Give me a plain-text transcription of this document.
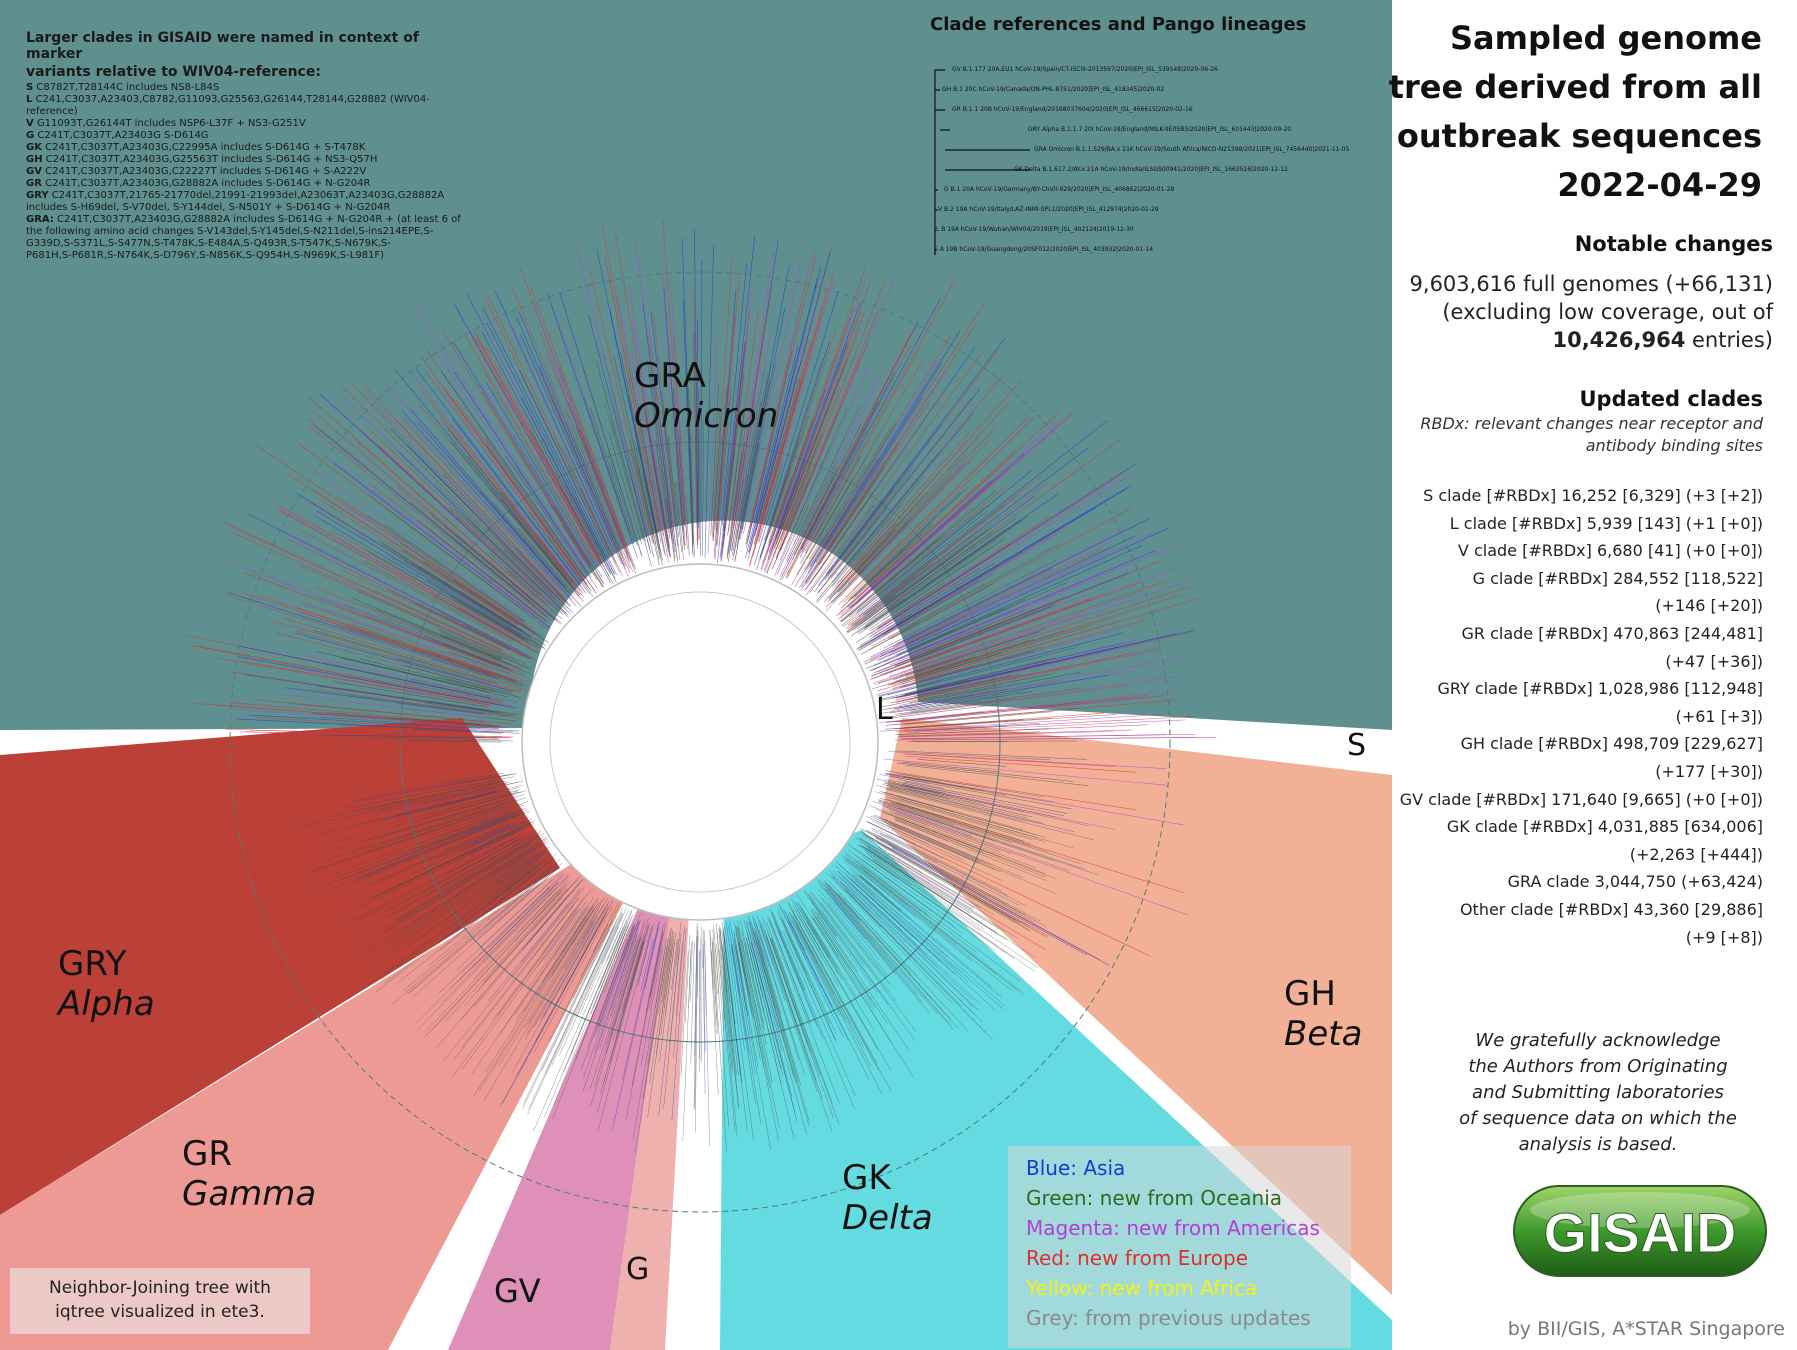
GRA
Omicron
GRY
Alpha
GR
Gamma
GV
G
GK
Delta
GH
Beta
L
S
Larger clades in GISAID were named in context of marker
variants relative to WIV04-reference:
S C8782T,T28144C includes NS8-L84S
L C241,C3037,A23403,C8782,G11093,G25563,G26144,T28144,G28882 (WIV04-
reference)
V G11093T,G26144T includes NSP6-L37F + NS3-G251V
G C241T,C3037T,A23403G S-D614G
GK C241T,C3037T,A23403G,C22995A includes S-D614G + S-T478K
GH C241T,C3037T,A23403G,G25563T includes S-D614G + NS3-Q57H
GV C241T,C3037T,A23403G,C22227T includes S-D614G + S-A222V
GR C241T,C3037T,A23403G,G28882A includes S-D614G + N-G204R
GRY C241T,C3037T,21765-21770del,21991-21993del,A23063T,A23403G,G28882A
includes S-H69del, S-V70del, S-Y144del, S-N501Y + S-D614G + N-G204R
GRA: C241T,C3037T,A23403G,G28882A includes S-D614G + N-G204R + (at least 6 of
the following amino acid changes S-V143del,S-Y145del,S-N211del,S-ins214EPE,S-
G339D,S-S371L,S-S477N,S-T478K,S-E484A,S-Q493R,S-T547K,S-N679K,S-
P681H,S-P681R,S-N764K,S-D796Y,S-N856K,S-Q954H,S-N969K,S-L981F)
Clade references and Pango lineages
GV B.1.177 20A.EU1 hCoV-19/Spain/CT-ISCIII-2013597/2020|EPI_ISL_539548|2020-06-26
GH B.1 20C hCoV-19/Canada/ON-PHL-8751/2020|EPI_ISL_418345|2020-02
GR B.1.1 20B hCoV-19/England/20168037604/2020|EPI_ISL_466615|2020-02-16
GRY Alpha B.1.1.7 20I hCoV-19/England/MILK-9E05B3/2020|EPI_ISL_601443|2020-09-20
GRA Omicron B.1.1.529/BA.x 21K hCoV-19/South Africa/NICD-N21398/2021|EPI_ISL_7456440|2021-11-05
GK Delta B.1.617.2/AY.x 21A hCoV-19/India/ILSGS00941/2020|EPI_ISL_1663516|2020-12-12
G B.1 20A hCoV-19/Germany/BY-ChVir-929/2020|EPI_ISL_406862|2020-01-28
V B.2 19A hCoV-19/Italy/LAZ-INMI-SPL1/2020|EPI_ISL_412974|2020-01-29
L B 19A hCoV-19/Wuhan/WIV04/2019|EPI_ISL_402124|2019-12-30
S A 19B hCoV-19/Guangdong/20SF012/2020|EPI_ISL_403932|2020-01-14
Blue: Asia
Green: new from Oceania
Magenta: new from Americas
Red: new from Europe
Yellow: new from Africa
Grey: from previous updates
Neighbor-Joining tree with
iqtree visualized in ete3.
Sampled genome
tree derived from all
outbreak sequences
2022-04-29
Notable changes
9,603,616 full genomes (+66,131)
(excluding low coverage, out of
10,426,964 entries)
Updated clades
RBDx: relevant changes near receptor and
antibody binding sites
S clade [#RBDx] 16,252 [6,329] (+3 [+2])
L clade [#RBDx] 5,939 [143] (+1 [+0])
V clade [#RBDx] 6,680 [41] (+0 [+0])
G clade [#RBDx] 284,552 [118,522]
(+146 [+20])
GR clade [#RBDx] 470,863 [244,481]
(+47 [+36])
GRY clade [#RBDx] 1,028,986 [112,948]
(+61 [+3])
GH clade [#RBDx] 498,709 [229,627]
(+177 [+30])
GV clade [#RBDx] 171,640 [9,665] (+0 [+0])
GK clade [#RBDx] 4,031,885 [634,006]
(+2,263 [+444])
GRA clade 3,044,750 (+63,424)
Other clade [#RBDx] 43,360 [29,886]
(+9 [+8])
We gratefully acknowledge
the Authors from Originating
and Submitting laboratories
of sequence data on which the
analysis is based.
GISAID
by BII/GIS, A*STAR Singapore
